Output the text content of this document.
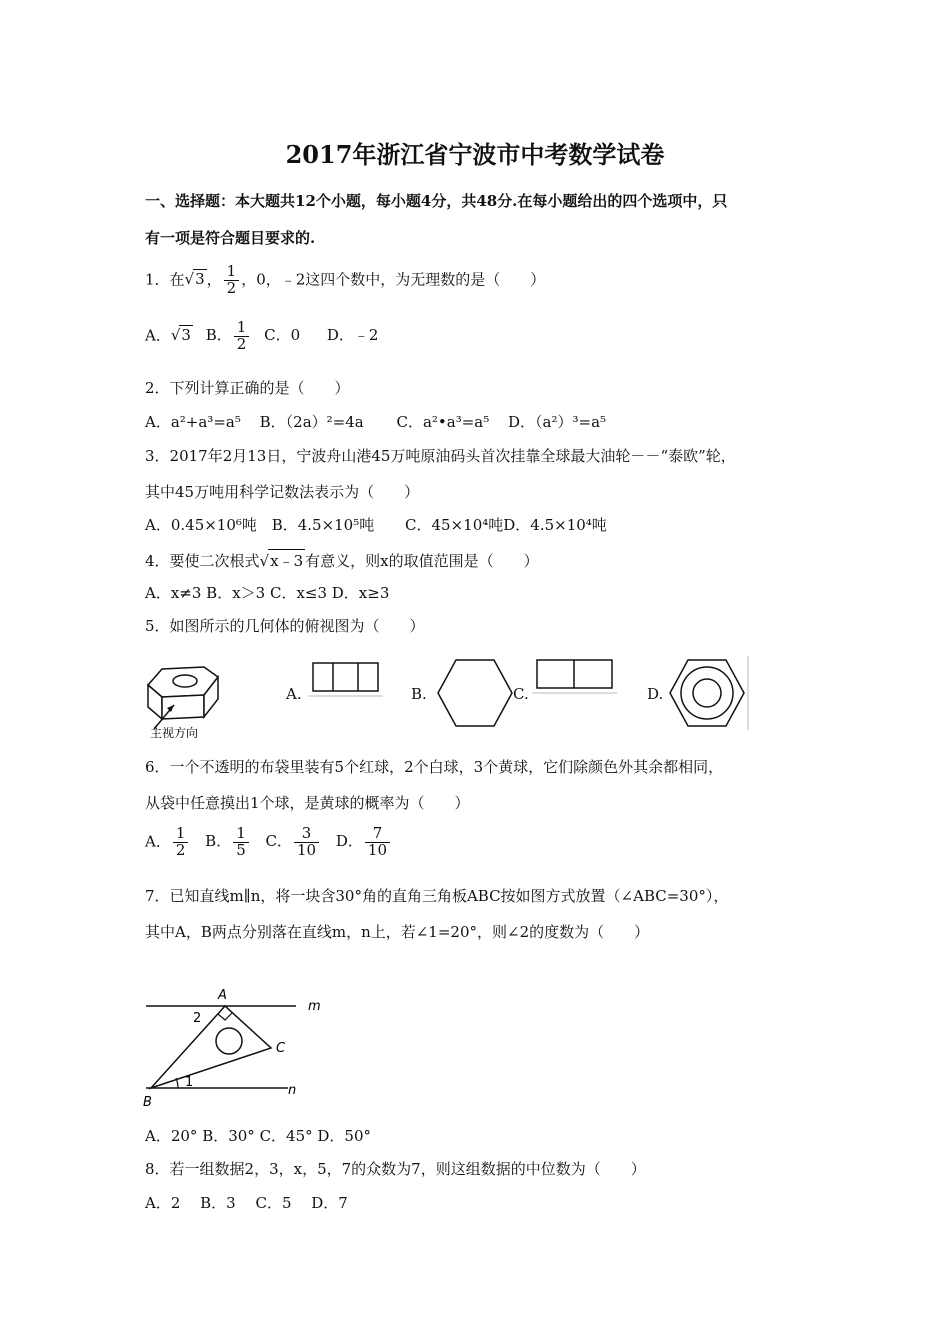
2017年浙江省宁波市中考数学试卷
一、选择题：本大题共12个小题，每小题4分，共48分.在每小题给出的四个选项中，只
有一项是符合题目要求的.
1．在√3 ， $\frac{1}{2}$ ，0，﹣2这四个数中，为无理数的是（　　）
A．√3 B． $\frac{1}{2}$ C．0 D．﹣2
2．下列计算正确的是（　　）
A．a²+a³=a⁵ B．（2a）²=4a C．a²•a³=a⁵ D．（a²）³=a⁵
3．2017年2月13日，宁波舟山港45万吨原油码头首次挂靠全球最大油轮－－“泰欧”轮，
其中45万吨用科学记数法表示为（　　）
A．0.45×10⁶吨 B．4.5×10⁵吨 C．45×10⁴吨D．4.5×10⁴吨
4．要使二次根式√x﹣3 有意义，则x的取值范围是（　　）
A．x≠3 B．x＞3 C．x≤3 D．x≥3
5．如图所示的几何体的俯视图为（　　）
主视方向
A.	B.	C.	D.
6．一个不透明的布袋里装有5个红球，2个白球，3个黄球，它们除颜色外其余都相同，
从袋中任意摸出1个球，是黄球的概率为（　　）
A． $\frac{1}{2}$ B． $\frac{1}{5}$ C． $\frac{3}{10}$ D． $\frac{7}{10}$
7．已知直线m∥n，将一块含30°角的直角三角板ABC按如图方式放置（∠ABC=30°），
其中A，B两点分别落在直线m，n上，若∠1=20°，则∠2的度数为（　　）
A
m
2
C
1
n
B
A．20° B．30° C．45° D．50°
8．若一组数据2，3，x，5，7的众数为7，则这组数据的中位数为（　　）
A．2　 B．3　 C．5　 D．7
